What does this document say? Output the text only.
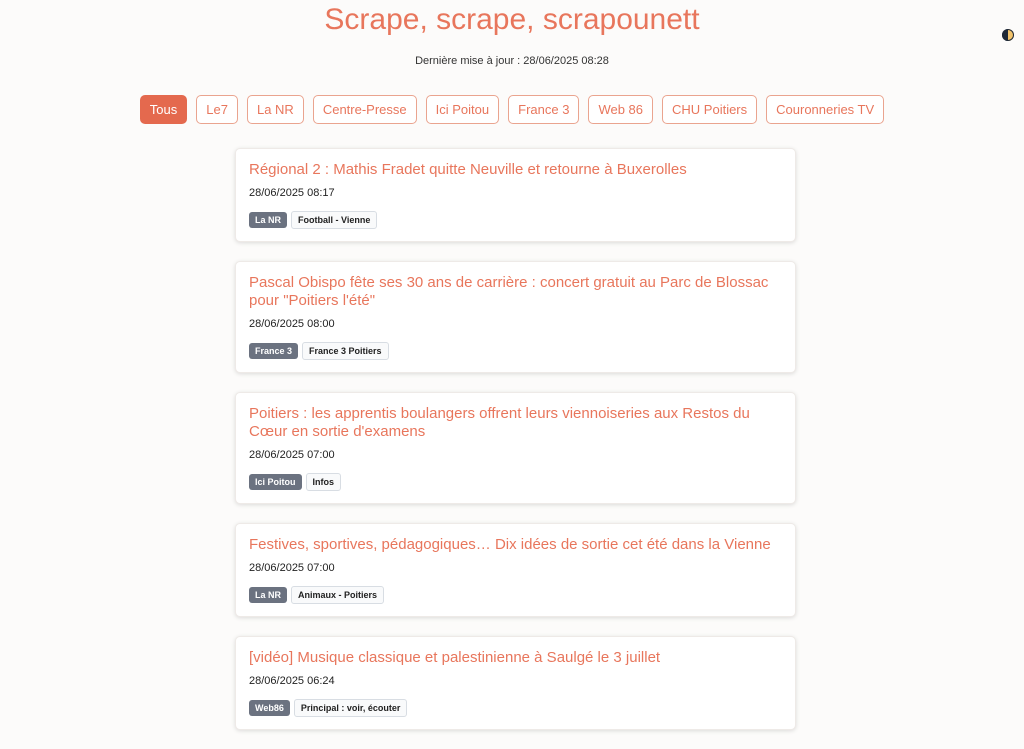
Scrape, scrape, scrapounett
Dernière mise à jour : 28/06/2025 08:28
Tous	Le7	La NR	Centre-Presse	Ici Poitou	France 3	Web 86	CHU Poitiers	Couronneries TV
Régional 2 : Mathis Fradet quitte Neuville et retourne à Buxerolles
28/06/2025 08:17
La NR	Football - Vienne
Pascal Obispo fête ses 30 ans de carrière : concert gratuit au Parc de Blossac pour "Poitiers l'été"
28/06/2025 08:00
France 3	France 3 Poitiers
Poitiers : les apprentis boulangers offrent leurs viennoiseries aux Restos du Cœur en sortie d'examens
28/06/2025 07:00
Ici Poitou	Infos
Festives, sportives, pédagogiques… Dix idées de sortie cet été dans la Vienne
28/06/2025 07:00
La NR	Animaux - Poitiers
[vidéo] Musique classique et palestinienne à Saulgé le 3 juillet
28/06/2025 06:24
Web86	Principal : voir, écouter
